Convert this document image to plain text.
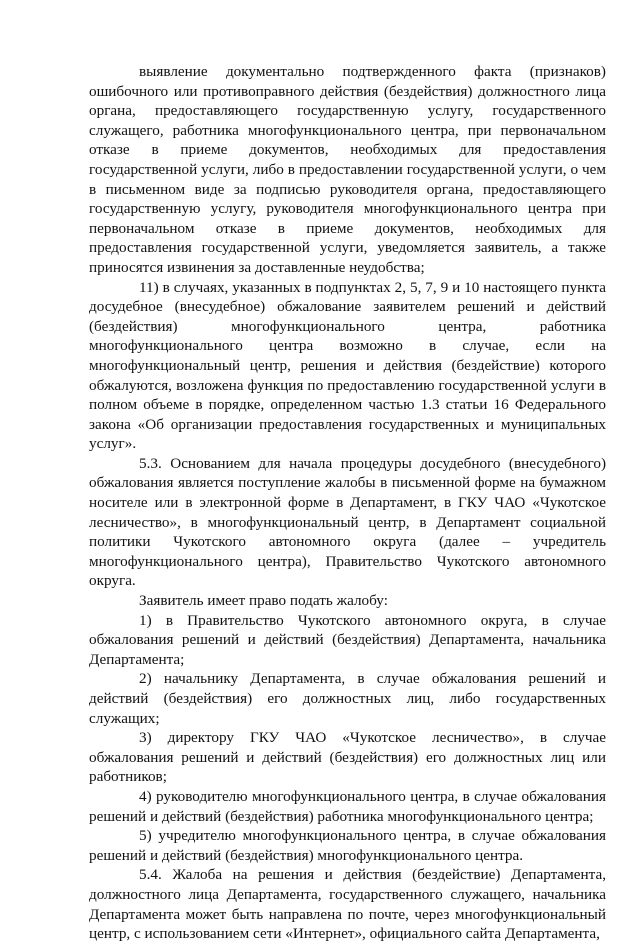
выявление документально подтвержденного факта (признаков) ошибочного или противоправного действия (бездействия) должностного лица органа, предоставляющего государственную услугу, государственного служащего, работника многофункционального центра, при первоначальном отказе в приеме документов, необходимых для предоставления государственной услуги, либо в предоставлении государственной услуги, о чем в письменном виде за подписью руководителя органа, предоставляющего государственную услугу, руководителя многофункционального центра при первоначальном отказе в приеме документов, необходимых для предоставления государственной услуги, уведомляется заявитель, а также приносятся извинения за доставленные неудобства;

11) в случаях, указанных в подпунктах 2, 5, 7, 9 и 10 настоящего пункта досудебное (внесудебное) обжалование заявителем решений и действий (бездействия) многофункционального центра, работника многофункционального центра возможно в случае, если на многофункциональный центр, решения и действия (бездействие) которого обжалуются, возложена функция по предоставлению государственной услуги в полном объеме в порядке, определенном частью 1.3 статьи 16 Федерального закона «Об организации предоставления государственных и муниципальных услуг».

5.3. Основанием для начала процедуры досудебного (внесудебного) обжалования является поступление жалобы в письменной форме на бумажном носителе или в электронной форме в Департамент, в ГКУ ЧАО «Чукотское лесничество», в многофункциональный центр, в Департамент социальной политики Чукотского автономного округа (далее – учредитель многофункционального центра), Правительство Чукотского автономного округа.

Заявитель имеет право подать жалобу:

1) в Правительство Чукотского автономного округа, в случае обжалования решений и действий (бездействия) Департамента, начальника Департамента;

2) начальнику Департамента, в случае обжалования решений и действий (бездействия) его должностных лиц, либо государственных служащих;

3) директору ГКУ ЧАО «Чукотское лесничество», в случае обжалования решений и действий (бездействия) его должностных лиц или работников;

4) руководителю многофункционального центра, в случае обжалования решений и действий (бездействия) работника многофункционального центра;

5) учредителю многофункционального центра, в случае обжалования решений и действий (бездействия) многофункционального центра.

5.4. Жалоба на решения и действия (бездействие) Департамента, должностного лица Департамента, государственного служащего, начальника Департамента может быть направлена по почте, через многофункциональный центр, с использованием сети «Интернет», официального сайта Департамента,
